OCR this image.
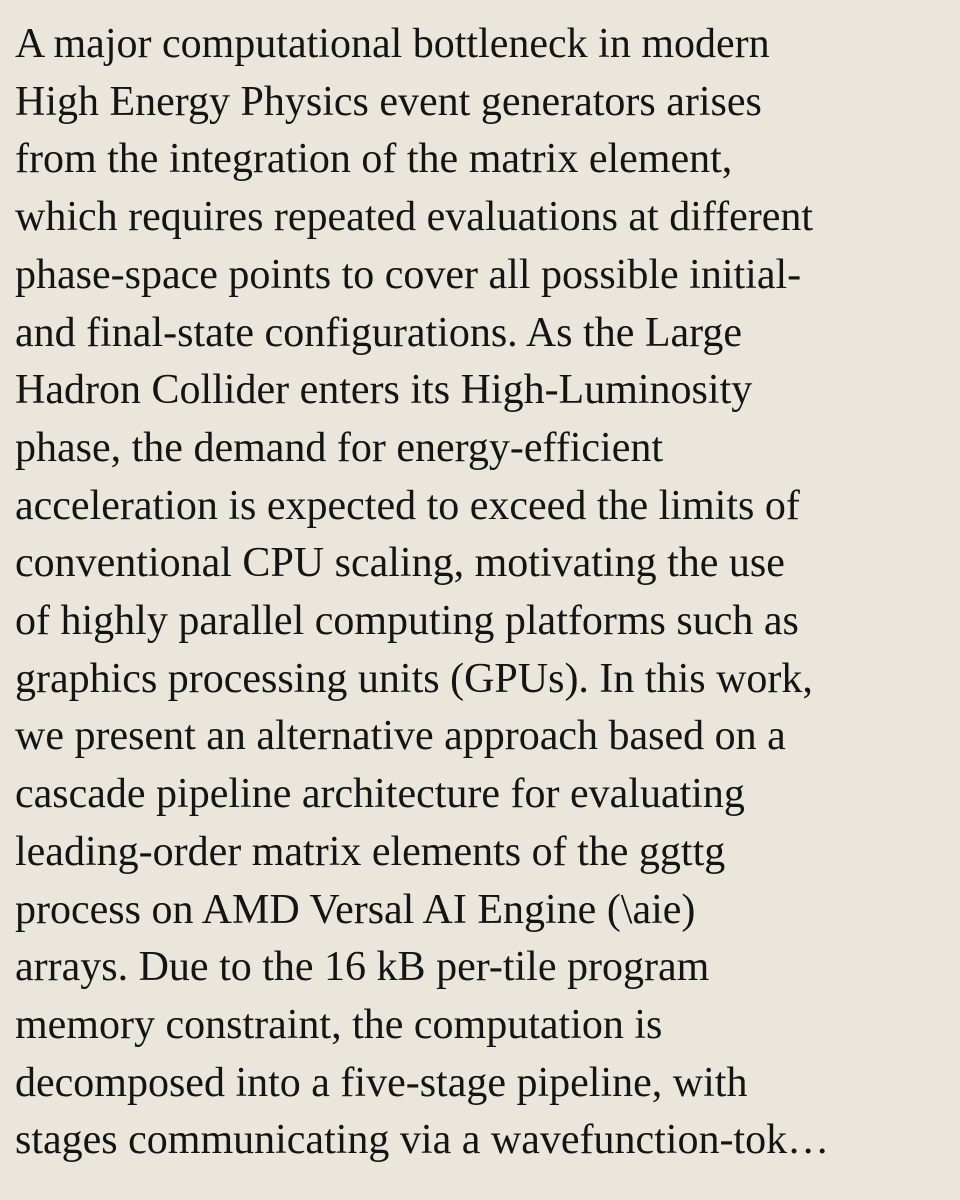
A major computational bottleneck in modern
High Energy Physics event generators arises
from the integration of the matrix element,
which requires repeated evaluations at different
phase-space points to cover all possible initial-
and final-state configurations. As the Large
Hadron Collider enters its High-Luminosity
phase, the demand for energy-efficient
acceleration is expected to exceed the limits of
conventional CPU scaling, motivating the use
of highly parallel computing platforms such as
graphics processing units (GPUs). In this work,
we present an alternative approach based on a
cascade pipeline architecture for evaluating
leading-order matrix elements of the ggttg
process on AMD Versal AI Engine (\aie)
arrays. Due to the 16 kB per-tile program
memory constraint, the computation is
decomposed into a five-stage pipeline, with
stages communicating via a wavefunction-tok…
